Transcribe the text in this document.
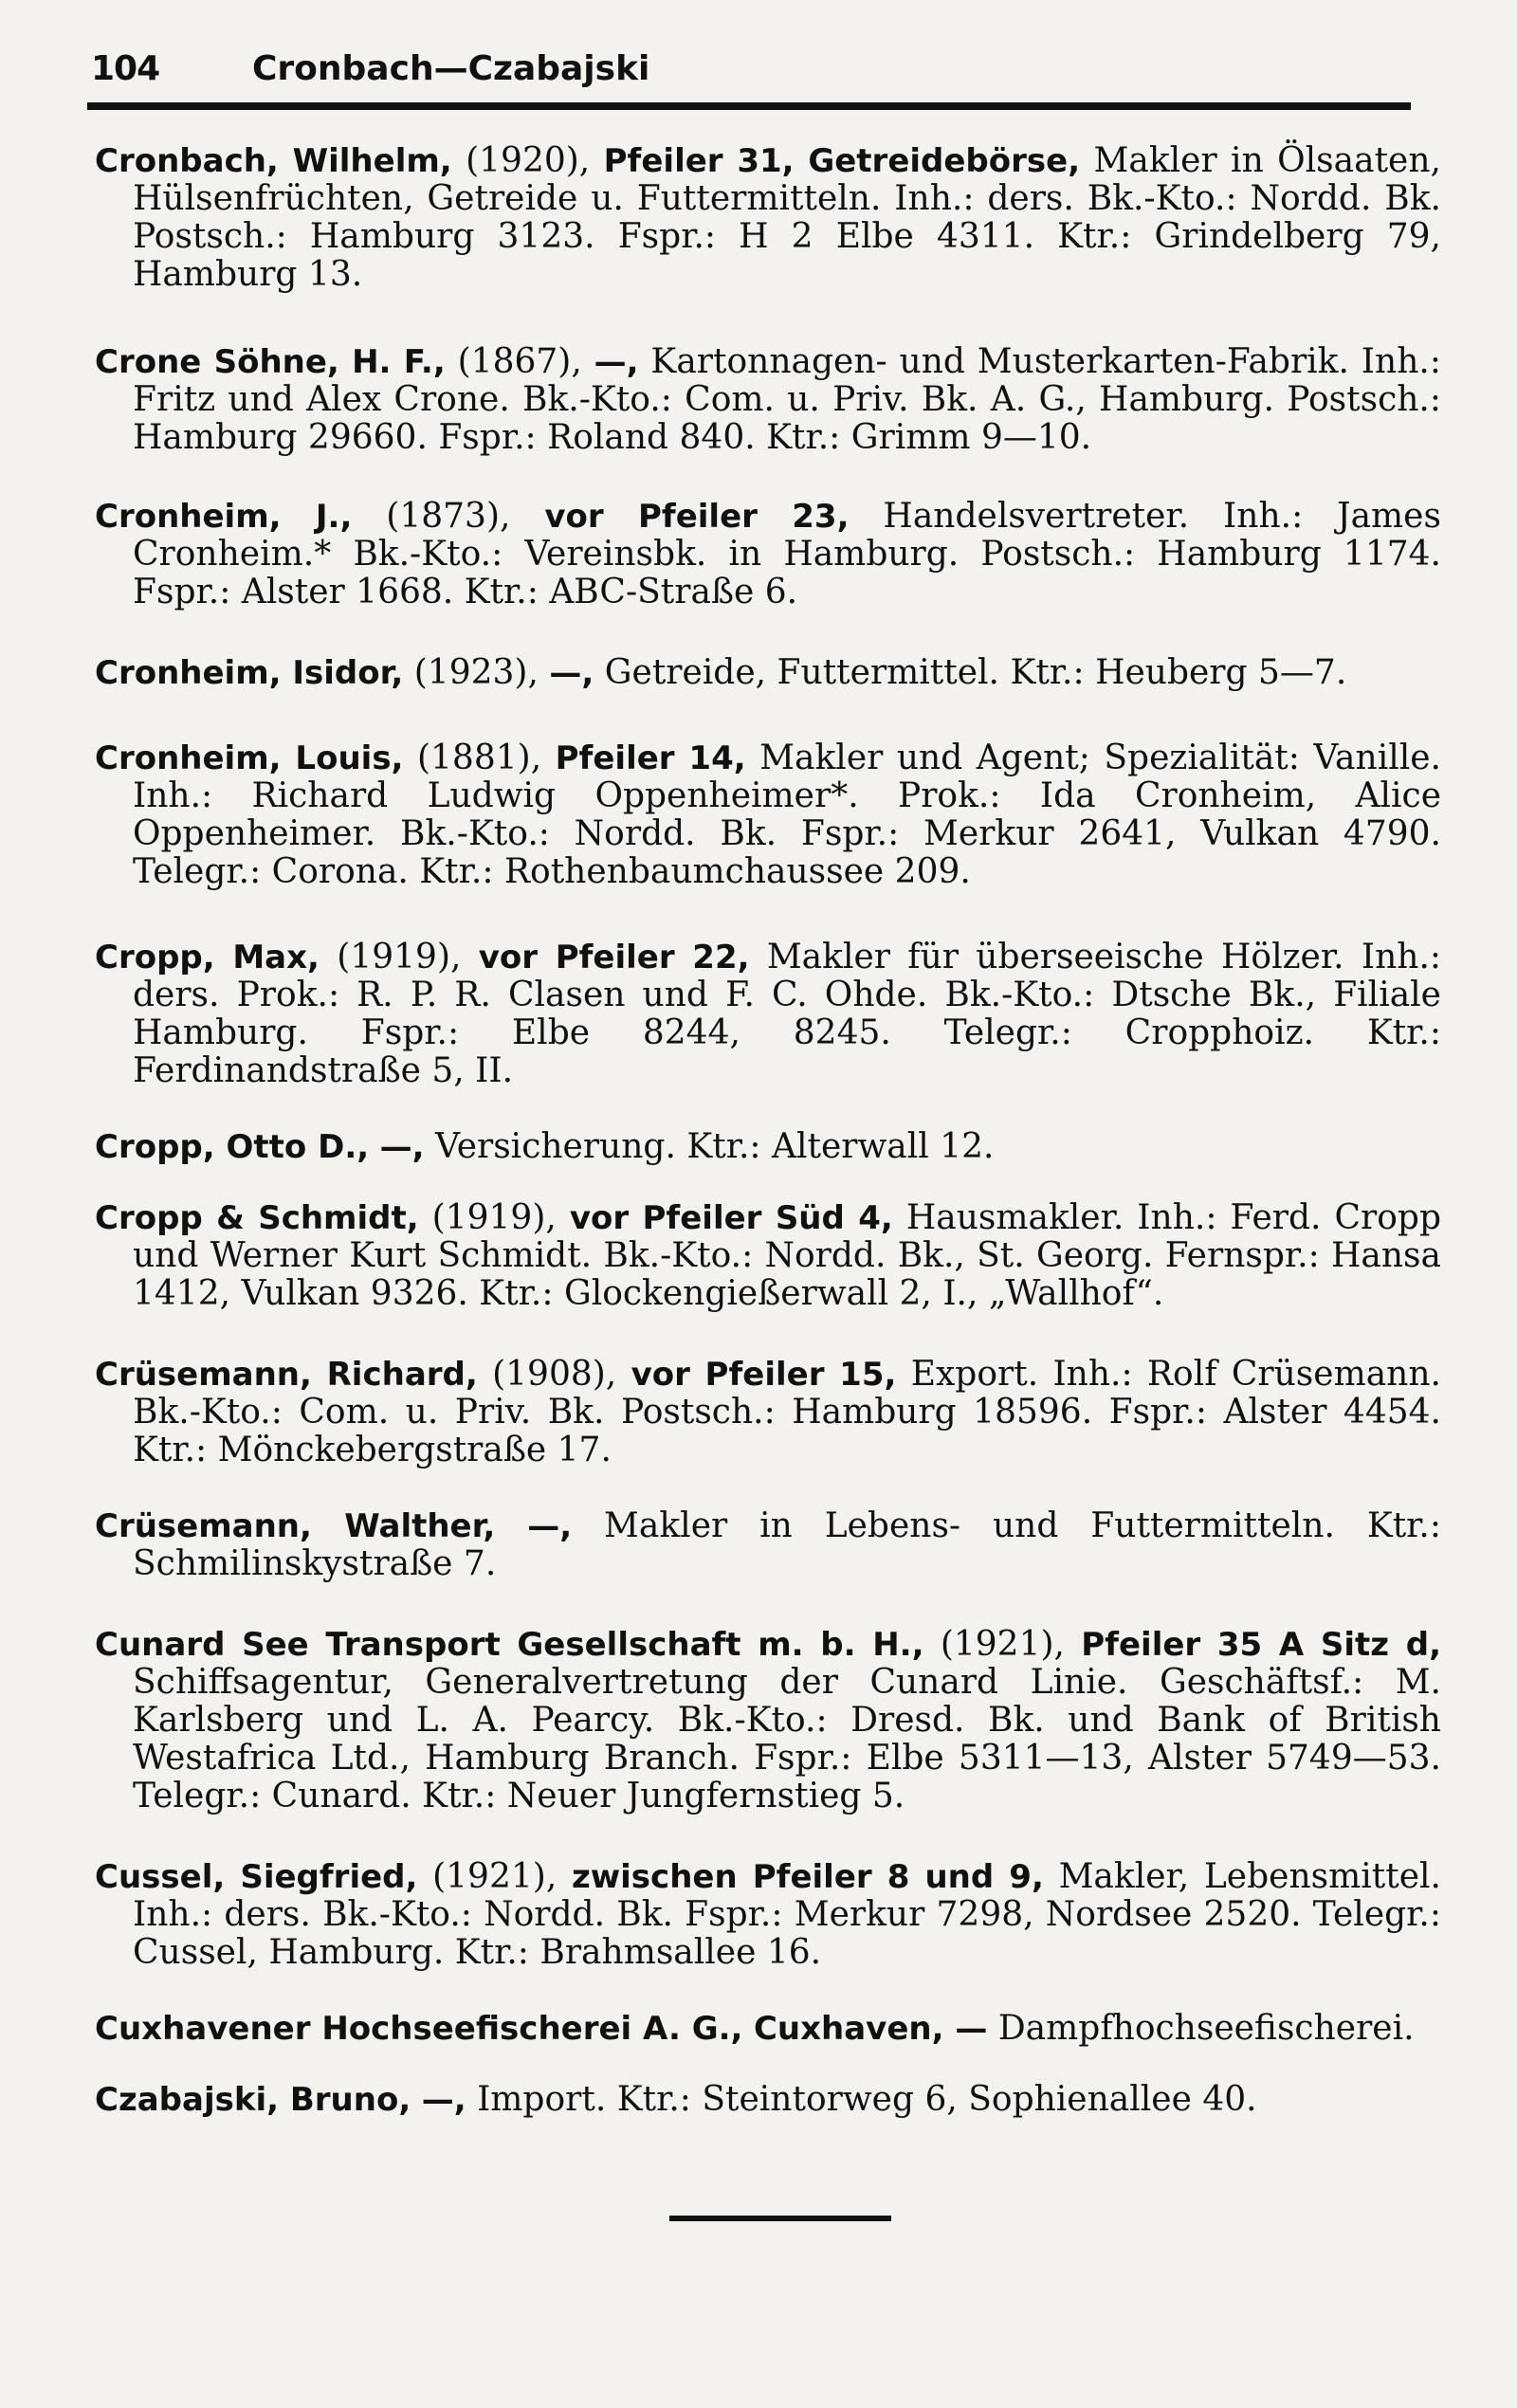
104	Cronbach—Czabajski

Cronbach, Wilhelm, (1920), Pfeiler 31, Getreidebörse, Makler in Ölsaaten, Hülsenfrüchten, Getreide u. Futtermitteln. Inh.: ders. Bk.-Kto.: Nordd. Bk. Postsch.: Hamburg 3123. Fspr.: H 2 Elbe 4311. Ktr.: Grindelberg 79, Hamburg 13.

Crone Söhne, H. F., (1867), —, Kartonnagen- und Musterkarten-Fabrik. Inh.: Fritz und Alex Crone. Bk.-Kto.: Com. u. Priv. Bk. A. G., Hamburg. Postsch.: Hamburg 29660. Fspr.: Roland 840. Ktr.: Grimm 9—10.

Cronheim, J., (1873), vor Pfeiler 23, Handelsvertreter. Inh.: James Cronheim.* Bk.-Kto.: Vereinsbk. in Hamburg. Postsch.: Hamburg 1174. Fspr.: Alster 1668. Ktr.: ABC-Straße 6.

Cronheim, Isidor, (1923), —, Getreide, Futtermittel. Ktr.: Heuberg 5—7.

Cronheim, Louis, (1881), Pfeiler 14, Makler und Agent; Spezialität: Vanille. Inh.: Richard Ludwig Oppenheimer*. Prok.: Ida Cronheim, Alice Oppenheimer. Bk.-Kto.: Nordd. Bk. Fspr.: Merkur 2641, Vulkan 4790. Telegr.: Corona. Ktr.: Rothenbaumchaussee 209.

Cropp, Max, (1919), vor Pfeiler 22, Makler für überseeische Hölzer. Inh.: ders. Prok.: R. P. R. Clasen und F. C. Ohde. Bk.-Kto.: Dtsche Bk., Filiale Hamburg. Fspr.: Elbe 8244, 8245. Telegr.: Cropphoiz. Ktr.: Ferdinandstraße 5, II.

Cropp, Otto D., —, Versicherung. Ktr.: Alterwall 12.

Cropp & Schmidt, (1919), vor Pfeiler Süd 4, Hausmakler. Inh.: Ferd. Cropp und Werner Kurt Schmidt. Bk.-Kto.: Nordd. Bk., St. Georg. Fernspr.: Hansa 1412, Vulkan 9326. Ktr.: Glockengießerwall 2, I., „Wallhof“.

Crüsemann, Richard, (1908), vor Pfeiler 15, Export. Inh.: Rolf Crüsemann. Bk.-Kto.: Com. u. Priv. Bk. Postsch.: Hamburg 18596. Fspr.: Alster 4454. Ktr.: Mönckebergstraße 17.

Crüsemann, Walther, —, Makler in Lebens- und Futtermitteln. Ktr.: Schmilinskystraße 7.

Cunard See Transport Gesellschaft m. b. H., (1921), Pfeiler 35 A Sitz d, Schiffsagentur, Generalvertretung der Cunard Linie. Geschäftsf.: M. Karlsberg und L. A. Pearcy. Bk.-Kto.: Dresd. Bk. und Bank of British Westafrica Ltd., Hamburg Branch. Fspr.: Elbe 5311—13, Alster 5749—53. Telegr.: Cunard. Ktr.: Neuer Jungfernstieg 5.

Cussel, Siegfried, (1921), zwischen Pfeiler 8 und 9, Makler, Lebensmittel. Inh.: ders. Bk.-Kto.: Nordd. Bk. Fspr.: Merkur 7298, Nordsee 2520. Telegr.: Cussel, Hamburg. Ktr.: Brahmsallee 16.

Cuxhavener Hochseefischerei A. G., Cuxhaven, — Dampfhochseefischerei.

Czabajski, Bruno, —, Import. Ktr.: Steintorweg 6, Sophienallee 40.
